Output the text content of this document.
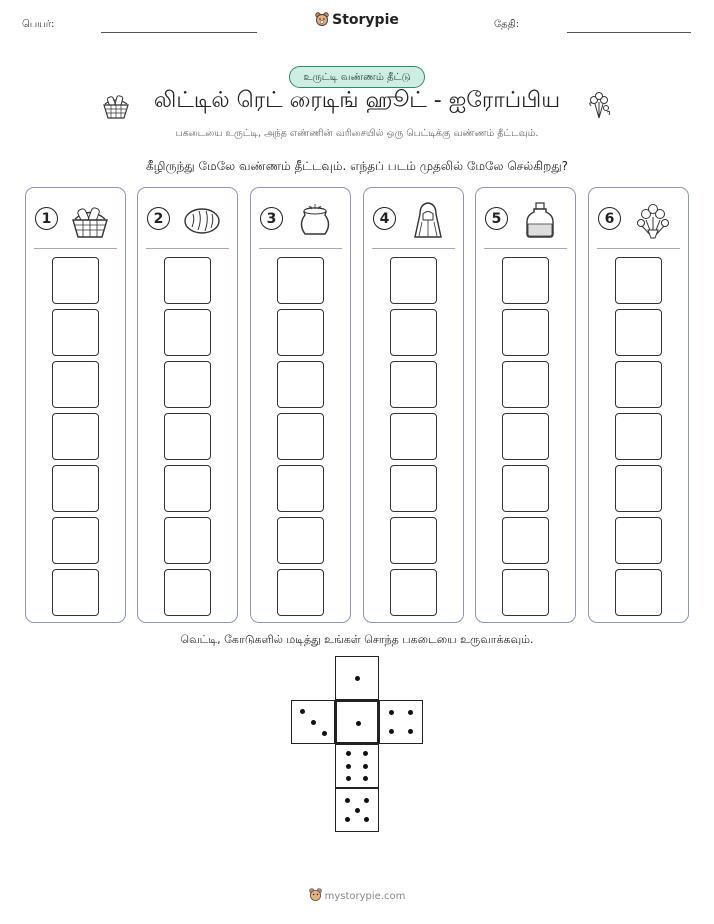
பெயர்:	Storypie	தேதி:
உருட்டி வண்ணம் தீட்டு
லிட்டில் ரெட் ரைடிங் ஹூட் - ஐரோப்பிய
பகடையை உருட்டி, அந்த எண்ணின் வரிசையில் ஒரு பெட்டிக்கு வண்ணம் தீட்டவும்.
கீழிருந்து மேலே வண்ணம் தீட்டவும். எந்தப் படம் முதலில் மேலே செல்கிறது?
1	2	3	4	5	6
வெட்டி, கோடுகளில் மடித்து உங்கள் சொந்த பகடையை உருவாக்கவும்.
mystorypie.com
